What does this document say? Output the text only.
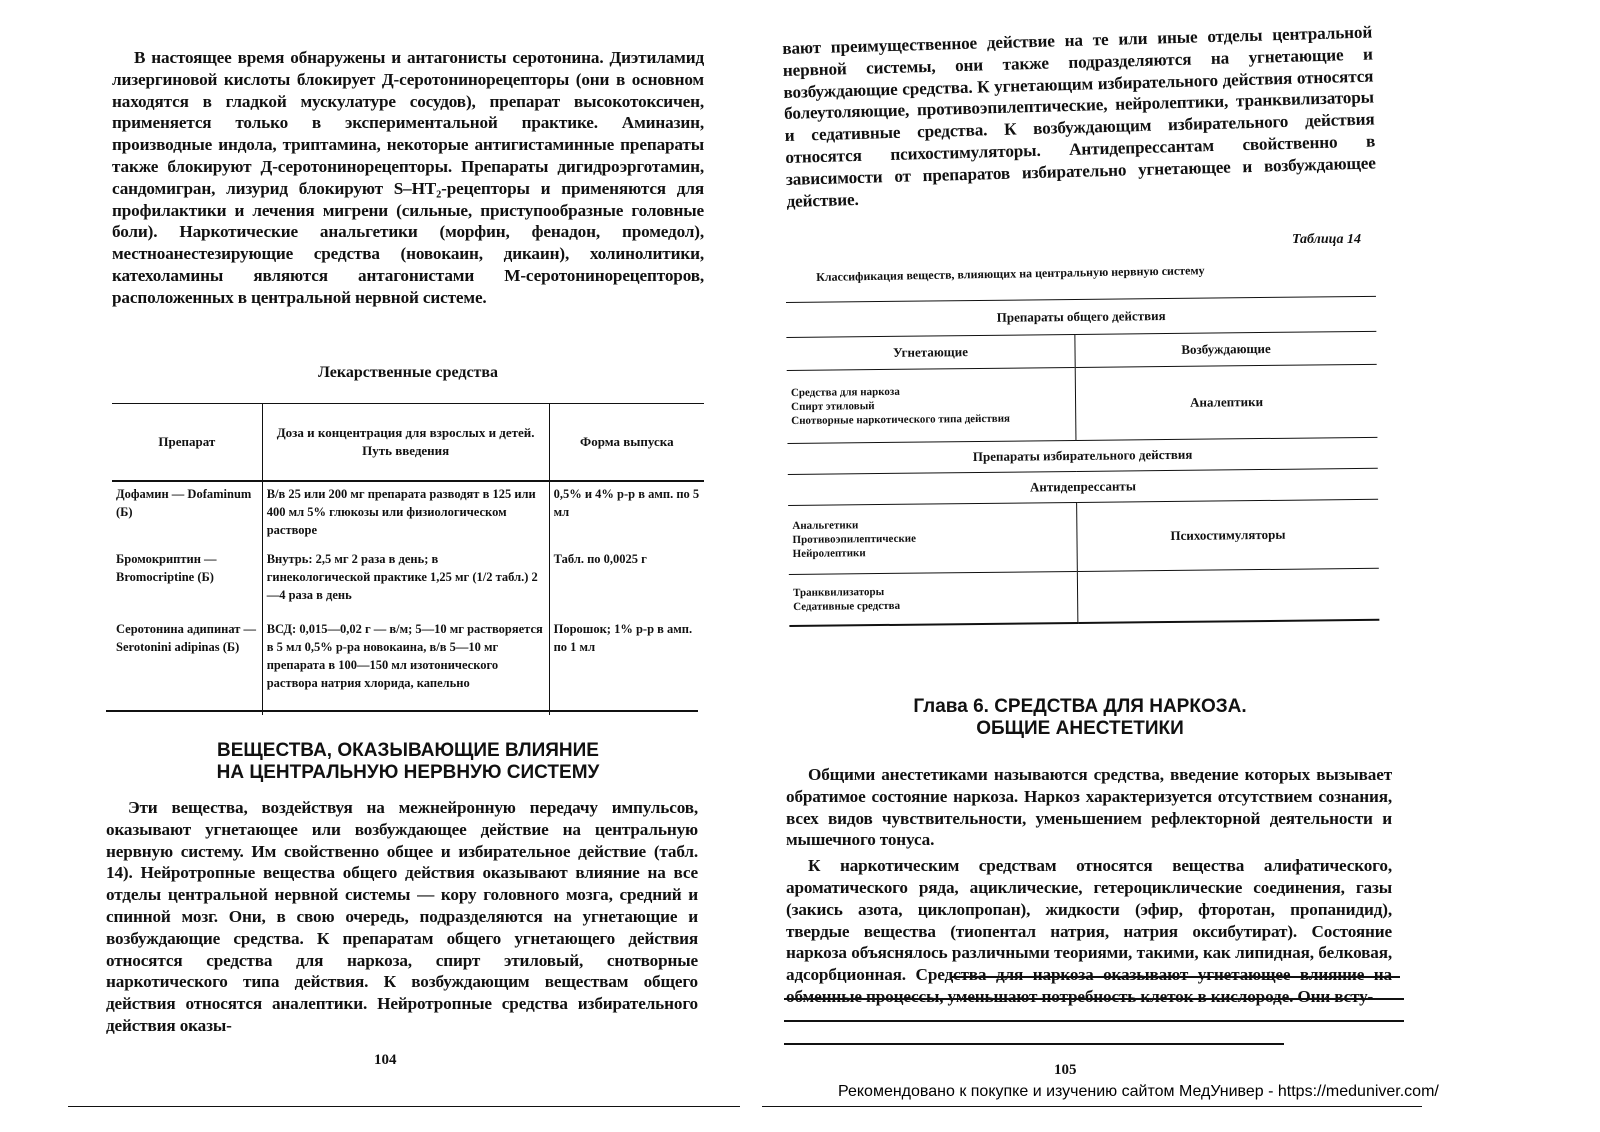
В настоящее время обнаружены и антагонисты серотонина. Диэтиламид лизергиновой кислоты блокирует Д-серотонинорецепторы (они в основном находятся в гладкой мускулатуре сосудов), препарат высокотоксичен, применяется только в экспериментальной практике. Аминазин, производные индола, триптамина, некоторые антигистаминные препараты также блокируют Д-серотонинорецепторы. Препараты дигидроэрготамин, сандомигран, лизурид блокируют S–HT₂-рецепторы и применяются для профилактики и лечения мигрени (сильные, приступообразные головные боли). Наркотические анальгетики (морфин, фенадон, промедол), местноанестезирующие средства (новокаин, дикаин), холинолитики, катехоламины являются антагонистами М-серотонинорецепторов, расположенных в центральной нервной системе.

Лекарственные средства
Препарат	Доза и концентрация для взрослых и детей. Путь введения	Форма выпуска
Дофамин — Dofaminum (Б)	В/в 25 или 200 мг препарата разводят в 125 или 400 мл 5% глюкозы или физиологическом растворе	0,5% и 4% р-р в амп. по 5 мл
Бромокриптин — Bromocriptine (Б)	Внутрь: 2,5 мг 2 раза в день; в гинекологической практике 1,25 мг (1/2 табл.) 2—4 раза в день	Табл. по 0,0025 г
Серотонина адипинат — Serotonini adipinas (Б)	ВСД: 0,015—0,02 г — в/м; 5—10 мг растворяется в 5 мл 0,5% р-ра новокаина, в/в 5—10 мг препарата в 100—150 мл изотонического раствора натрия хлорида, капельно	Порошок; 1% р-р в амп. по 1 мл
ВЕЩЕСТВА, ОКАЗЫВАЮЩИЕ ВЛИЯНИЕ
НА ЦЕНТРАЛЬНУЮ НЕРВНУЮ СИСТЕМУ

Эти вещества, воздействуя на межнейронную передачу импульсов, оказывают угнетающее или возбуждающее действие на центральную нервную систему. Им свойственно общее и избирательное действие (табл. 14). Нейротропные вещества общего действия оказывают влияние на все отделы центральной нервной системы — кору головного мозга, средний и спинной мозг. Они, в свою очередь, подразделяются на угнетающие и возбуждающие средства. К препаратам общего угнетающего действия относятся средства для наркоза, спирт этиловый, снотворные наркотического типа действия. К возбуждающим веществам общего действия относятся аналептики. Нейротропные средства избирательного действия оказы-

104

вают преимущественное действие на те или иные отделы центральной нервной системы, они также подразделяются на угнетающие и возбуждающие средства. К угнетающим избирательного действия относятся болеутоляющие, противоэпилептические, нейролептики, транквилизаторы и седативные средства. К возбуждающим избирательного действия относятся психостимуляторы. Антидепрессантам свойственно в зависимости от препаратов избирательно угнетающее и возбуждающее действие.

Таблица 14
Классификация веществ, влияющих на центральную нервную систему
Препараты общего действия	
Угнетающие	Возбуждающие

Средства для наркоза
Спирт этиловый
Снотворные наркотического типа действия	Аналептики
Препараты избирательного действия	
Антидепрессанты	

Анальгетики
Противоэпилептические
Нейролептики	Психостимуляторы

Транквилизаторы
Седативные средства	

Глава 6. СРЕДСТВА ДЛЯ НАРКОЗА.
ОБЩИЕ АНЕСТЕТИКИ

Общими анестетиками называются средства, введение которых вызывает обратимое состояние наркоза. Наркоз характеризуется отсутствием сознания, всех видов чувствительности, уменьшением рефлекторной деятельности и мышечного тонуса.

К наркотическим средствам относятся вещества алифатического, ароматического ряда, ациклические, гетероциклические соединения, газы (закись азота, циклопропан), жидкости (эфир, фторотан, пропанидид), твердые вещества (тиопентал натрия, натрия оксибутират). Состояние наркоза объяснялось различными теориями, такими, как липидная, белковая, адсорбционная. Средства для наркоза оказывают угнетающее влияние на обменные процессы, уменьшают потребность клеток в кислороде. Они всту-

105
Рекомендовано к покупке и изучению сайтом МедУнивер - https://meduniver.com/
